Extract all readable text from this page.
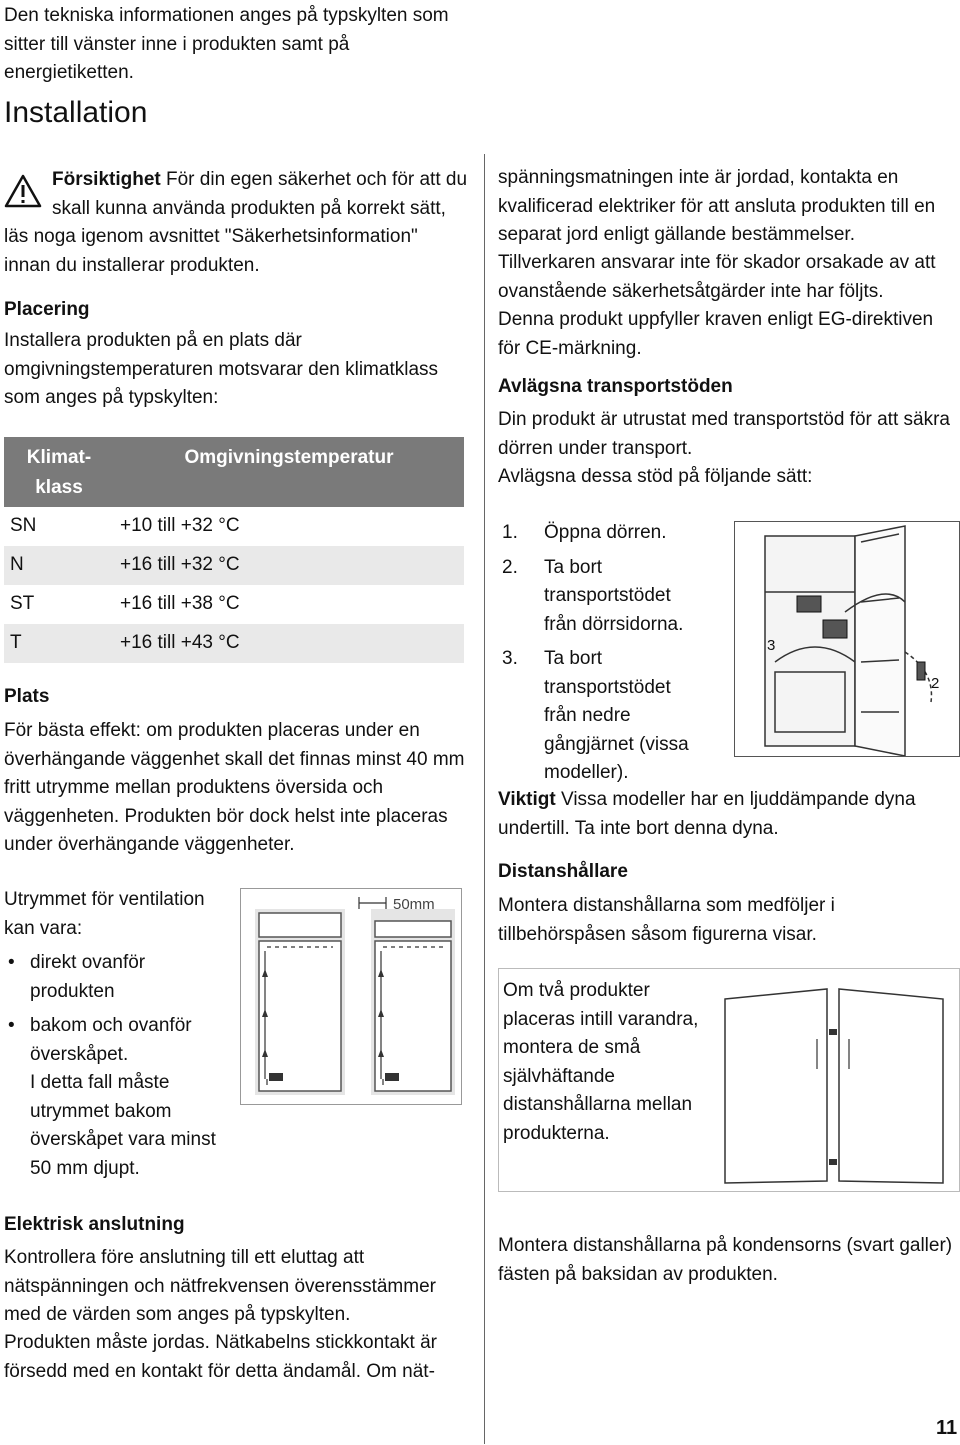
Den tekniska informationen anges på typskylten som sitter till vänster inne i produkten samt på energietiketten.

Installation

Försiktighet För din egen säkerhet och för att du

skall kunna använda produkten på korrekt sätt,

läs noga igenom avsnittet "Säkerhetsinformation" innan du installerar produkten.

Placering

Installera produkten på en plats där omgivningstemperaturen motsvarar den klimatklass som anges på typskylten:

Klimat-
klass	Omgivningstemperatur
SN	+10 till +32 °C
N	+16 till +32 °C
ST	+16 till +38 °C
T	+16 till +43 °C
Plats

För bästa effekt: om produkten placeras under en överhängande väggenhet skall det finnas minst 40 mm fritt utrymme mellan produktens översida och väggenheten. Produkten bör dock helst inte placeras under överhängande väggenheter.

Utrymmet för ventilation kan vara:

• direkt ovanför produkten
• bakom och ovanför överskåpet.

I detta fall måste utrymmet bakom överskåpet vara minst 50 mm djupt.

50mm
Elektrisk anslutning

Kontrollera före anslutning till ett eluttag att nätspänningen och nätfrekvensen överensstämmer med de värden som anges på typskylten.

Produkten måste jordas. Nätkabelns stickkontakt är försedd med en kontakt för detta ändamål. Om nät-

spänningsmatningen inte är jordad, kontakta en kvalificerad elektriker för att ansluta produkten till en separat jord enligt gällande bestämmelser.

Tillverkaren ansvarar inte för skador orsakade av att ovanstående säkerhetsåtgärder inte har följts.

Denna produkt uppfyller kraven enligt EG-direktiven för CE-märkning.

Avlägsna transportstöden

Din produkt är utrustat med transportstöd för att säkra dörren under transport.

Avlägsna dessa stöd på följande sätt:

1. Öppna dörren.
2. Ta bort transportstödet från dörrsidorna.
3. Ta bort transportstödet från nedre gångjärnet (vissa modeller).
3
2

Viktigt Vissa modeller har en ljuddämpande dyna undertill. Ta inte bort denna dyna.

Distanshållare

Montera distanshållarna som medföljer i tillbehörspåsen såsom figurerna visar.

Om två produkter placeras intill varandra, montera de små självhäftande distanshållarna mellan produkterna.

Montera distanshållarna på kondensorns (svart galler) fästen på baksidan av produkten.

11
